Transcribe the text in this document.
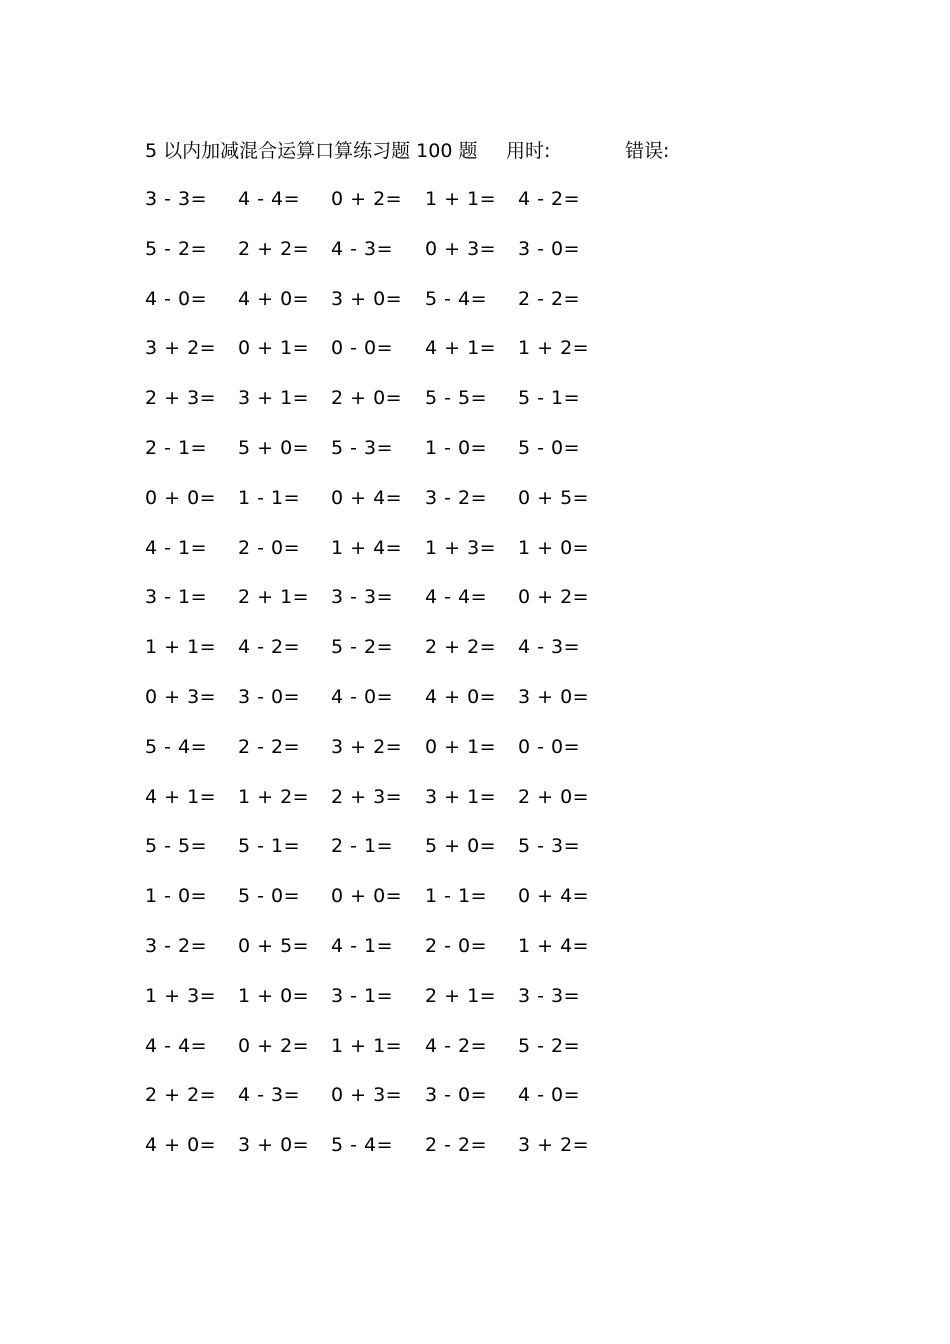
5 以内加减混合运算口算练习题 100 题 用时:	错误:
3 - 3= 4 - 4= 0 + 2= 1 + 1= 4 - 2=
5 - 2= 2 + 2= 4 - 3= 0 + 3= 3 - 0=
4 - 0= 4 + 0= 3 + 0= 5 - 4= 2 - 2=
3 + 2= 0 + 1= 0 - 0= 4 + 1= 1 + 2=
2 + 3= 3 + 1= 2 + 0= 5 - 5= 5 - 1=
2 - 1= 5 + 0= 5 - 3= 1 - 0= 5 - 0=
0 + 0= 1 - 1= 0 + 4= 3 - 2= 0 + 5=
4 - 1= 2 - 0= 1 + 4= 1 + 3= 1 + 0=
3 - 1= 2 + 1= 3 - 3= 4 - 4= 0 + 2=
1 + 1= 4 - 2= 5 - 2= 2 + 2= 4 - 3=
0 + 3= 3 - 0= 4 - 0= 4 + 0= 3 + 0=
5 - 4= 2 - 2= 3 + 2= 0 + 1= 0 - 0=
4 + 1= 1 + 2= 2 + 3= 3 + 1= 2 + 0=
5 - 5= 5 - 1= 2 - 1= 5 + 0= 5 - 3=
1 - 0= 5 - 0= 0 + 0= 1 - 1= 0 + 4=
3 - 2= 0 + 5= 4 - 1= 2 - 0= 1 + 4=
1 + 3= 1 + 0= 3 - 1= 2 + 1= 3 - 3=
4 - 4= 0 + 2= 1 + 1= 4 - 2= 5 - 2=
2 + 2= 4 - 3= 0 + 3= 3 - 0= 4 - 0=
4 + 0= 3 + 0= 5 - 4= 2 - 2= 3 + 2=
